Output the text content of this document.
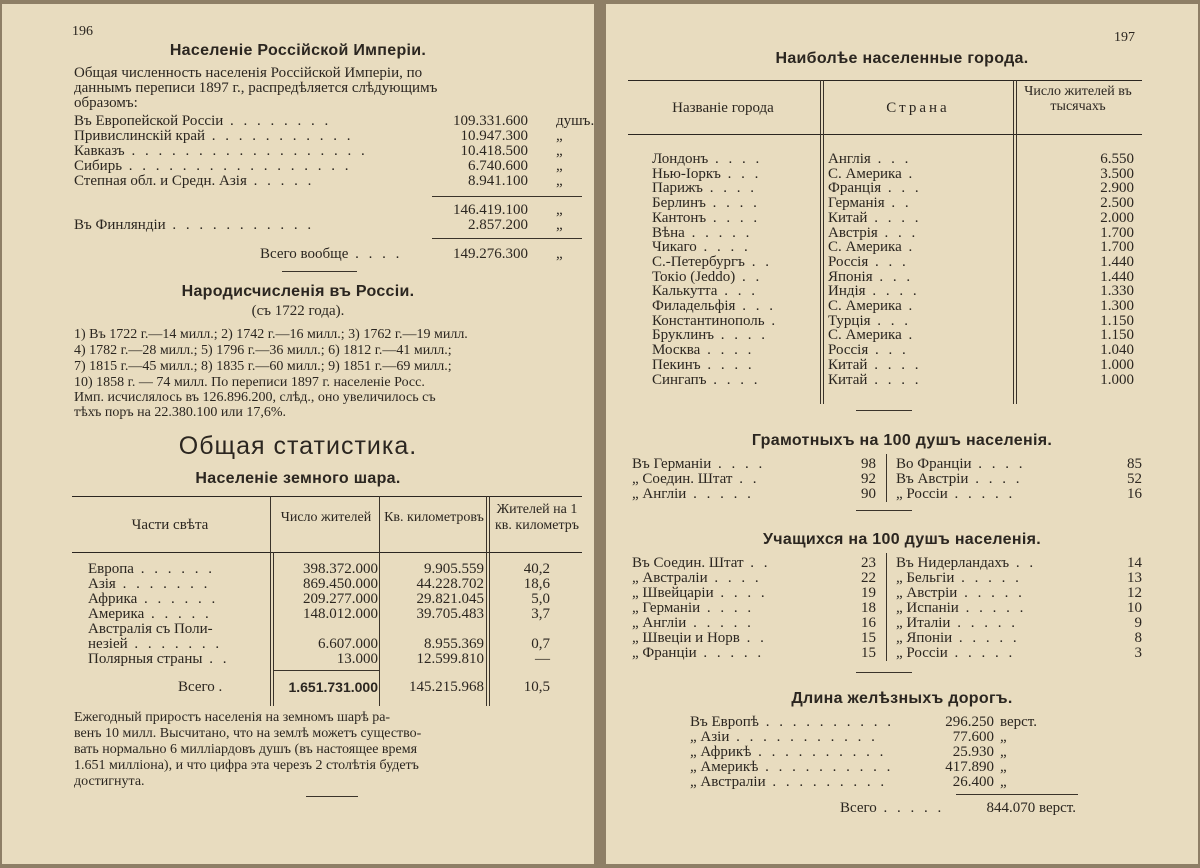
196
Населеніе Россійской Имперіи.
Общая численность населенія Россійской Имперіи, по
даннымъ переписи 1897 г., распредѣляется слѣдующимъ
образомъ:
Въ Европейской Россіи . . . . . . . .	109.331.600 душъ.
Привислинскій край . . . . . . . . . . .	10.947.300 „
Кавказъ . . . . . . . . . . . . . . . . . .	10.418.500 „
Сибирь . . . . . . . . . . . . . . . . .	6.740.600 „
Степная обл. и Средн. Азія . . . . .	8.941.100 „
146.419.100 „
Въ Финляндіи . . . . . . . . . . .	2.857.200 „
Всего вообще . . . .	149.276.300 „
Народисчисленія въ Россіи.
(съ 1722 года).
1) Въ 1722 г.—14 милл.; 2) 1742 г.—16 милл.; 3) 1762 г.—19 милл.
4) 1782 г.—28 милл.; 5) 1796 г.—36 милл.; 6) 1812 г.—41 милл.;
7) 1815 г.—45 милл.; 8) 1835 г.—60 милл.; 9) 1851 г.—69 милл.;
10) 1858 г. — 74 милл. По переписи 1897 г. населеніе Росс.
Имп. исчислялось въ 126.896.200, слѣд., оно увеличилось съ
тѣхъ поръ на 22.380.100 или 17,6%.
Общая статистика.
Населеніе земного шара.
Части свѣта	Число жителей Кв. километровъ
Жителей на 1 кв. километръ
Европа . . . . . .	398.372.000	9.905.559	40,2
Азія . . . . . . .	869.450.000	44.228.702	18,6
Африка . . . . . .	209.277.000	29.821.045	5,0
Америка . . . . .	148.012.000	39.705.483	3,7
Австралія съ Поли-
незіей . . . . . . .	6.607.000	8.955.369	0,7
Полярныя страны . .	13.000	12.599.810	—
Всего .	1.651.731.000 145.215.968	10,5
Ежегодный приростъ населенія на земномъ шарѣ ра-
венъ 10 милл. Высчитано, что на землѣ можетъ существо-
вать нормально 6 миллiардовъ душъ (въ настоящее время
1.651 миллiона), и что цифра эта черезъ 2 столѣтія будетъ
достигнута.
197
Наиболѣе населенные города.
Названіе города	Страна
Число жителей въ тысячахъ
Лондонъ . . . .	Англія . . .	6.550
Нью-Іоркъ . . .	С. Америка .	3.500
Парижъ . . . .	Франція . . .	2.900
Берлинъ . . . .	Германія . .	2.500
Кантонъ . . . .	Китай . . . .	2.000
Вѣна . . . . .	Австрія . . .	1.700
Чикаго . . . .	С. Америка .	1.700
С.-Петербургъ . .	Россія . . .	1.440
Токіо (Jeddo) . .	Японія . . .	1.440
Калькутта . . .	Индія . . . .	1.330
Филадельфія . . .	С. Америка .	1.300
Константинополь .	Турція . . .	1.150
Бруклинъ . . . .	С. Америка .	1.150
Москва . . . .	Россія . . .	1.040
Пекинъ . . . .	Китай . . . .	1.000
Сингапъ . . . .	Китай . . . .	1.000
Грамотныхъ на 100 душъ населенія.
Въ Германіи . . . .	98
„ Соедин. Штат . .	92
„ Англіи . . . . .	90
Во Франціи . . . .	85
Въ Австріи . . . .	52
„ Россіи . . . . .	16
Учащихся на 100 душъ населенія.
Въ Соедин. Штат . .	23
„ Австраліи . . . .	22
„ Швейцаріи . . . .	19
„ Германіи . . . .	18
„ Англіи . . . . .	16
„ Швеціи и Норв . .	15
„ Франціи . . . . .	15
Въ Нидерландахъ . .	14
„ Бельгіи . . . . .	13
„ Австріи . . . . .	12
„ Испаніи . . . . .	10
„ Италіи . . . . .	9
„ Японіи . . . . .	8
„ Россіи . . . . .	3
Длина желѣзныхъ дорогъ.
Въ Европѣ . . . . . . . . . .	296.250 верст.
„ Азіи . . . . . . . . . . .	77.600 „
„ Африкѣ . . . . . . . . . .	25.930 „
„ Америкѣ . . . . . . . . . .	417.890 „
„ Австраліи . . . . . . . . .	26.400 „
Всего . . . . .	844.070 верст.
